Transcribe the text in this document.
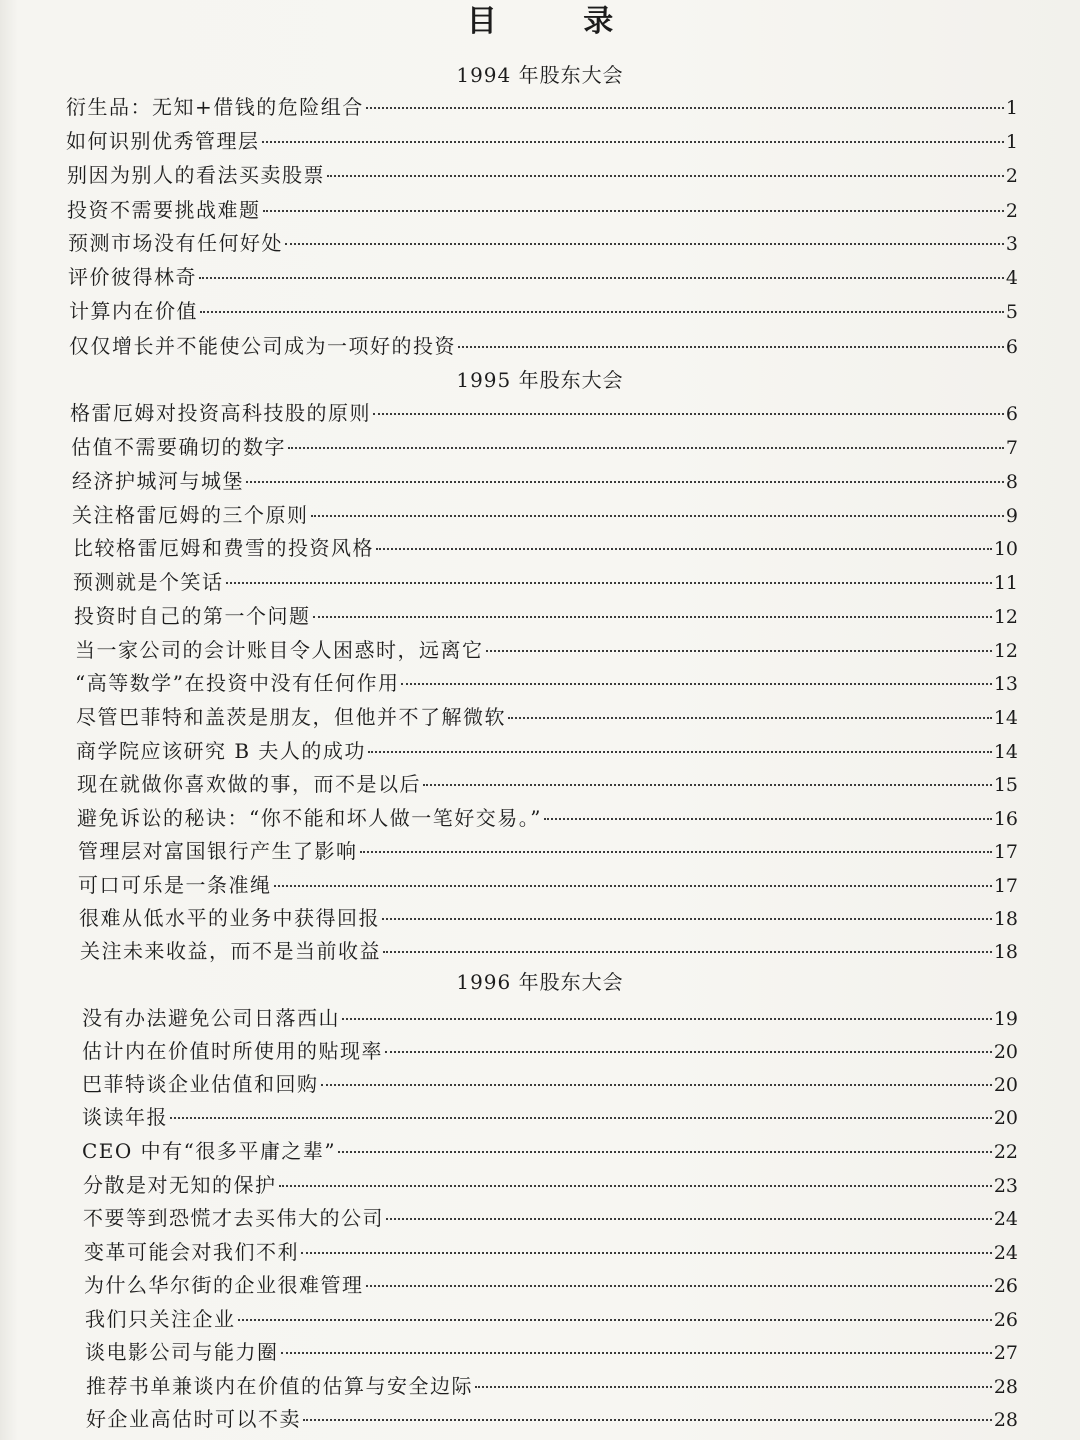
目 录
1994 年股东大会
衍生品：无知+借钱的危险组合	1
如何识别优秀管理层	1
别因为别人的看法买卖股票	2
投资不需要挑战难题	2
预测市场没有任何好处	3
评价彼得林奇	4
计算内在价值	5
仅仅增长并不能使公司成为一项好的投资	6
1995 年股东大会
格雷厄姆对投资高科技股的原则	6
估值不需要确切的数字	7
经济护城河与城堡	8
关注格雷厄姆的三个原则	9
比较格雷厄姆和费雪的投资风格	10
预测就是个笑话	11
投资时自己的第一个问题	12
当一家公司的会计账目令人困惑时，远离它	12
“高等数学”在投资中没有任何作用	13
尽管巴菲特和盖茨是朋友，但他并不了解微软	14
商学院应该研究 B 夫人的成功	14
现在就做你喜欢做的事，而不是以后	15
避免诉讼的秘诀：“你不能和坏人做一笔好交易。”	16
管理层对富国银行产生了影响	17
可口可乐是一条准绳	17
很难从低水平的业务中获得回报	18
关注未来收益，而不是当前收益	18
1996 年股东大会
没有办法避免公司日落西山	19
估计内在价值时所使用的贴现率	20
巴菲特谈企业估值和回购	20
谈读年报	20
CEO 中有“很多平庸之辈”	22
分散是对无知的保护	23
不要等到恐慌才去买伟大的公司	24
变革可能会对我们不利	24
为什么华尔街的企业很难管理	26
我们只关注企业	26
谈电影公司与能力圈	27
推荐书单兼谈内在价值的估算与安全边际	28
好企业高估时可以不卖	28
